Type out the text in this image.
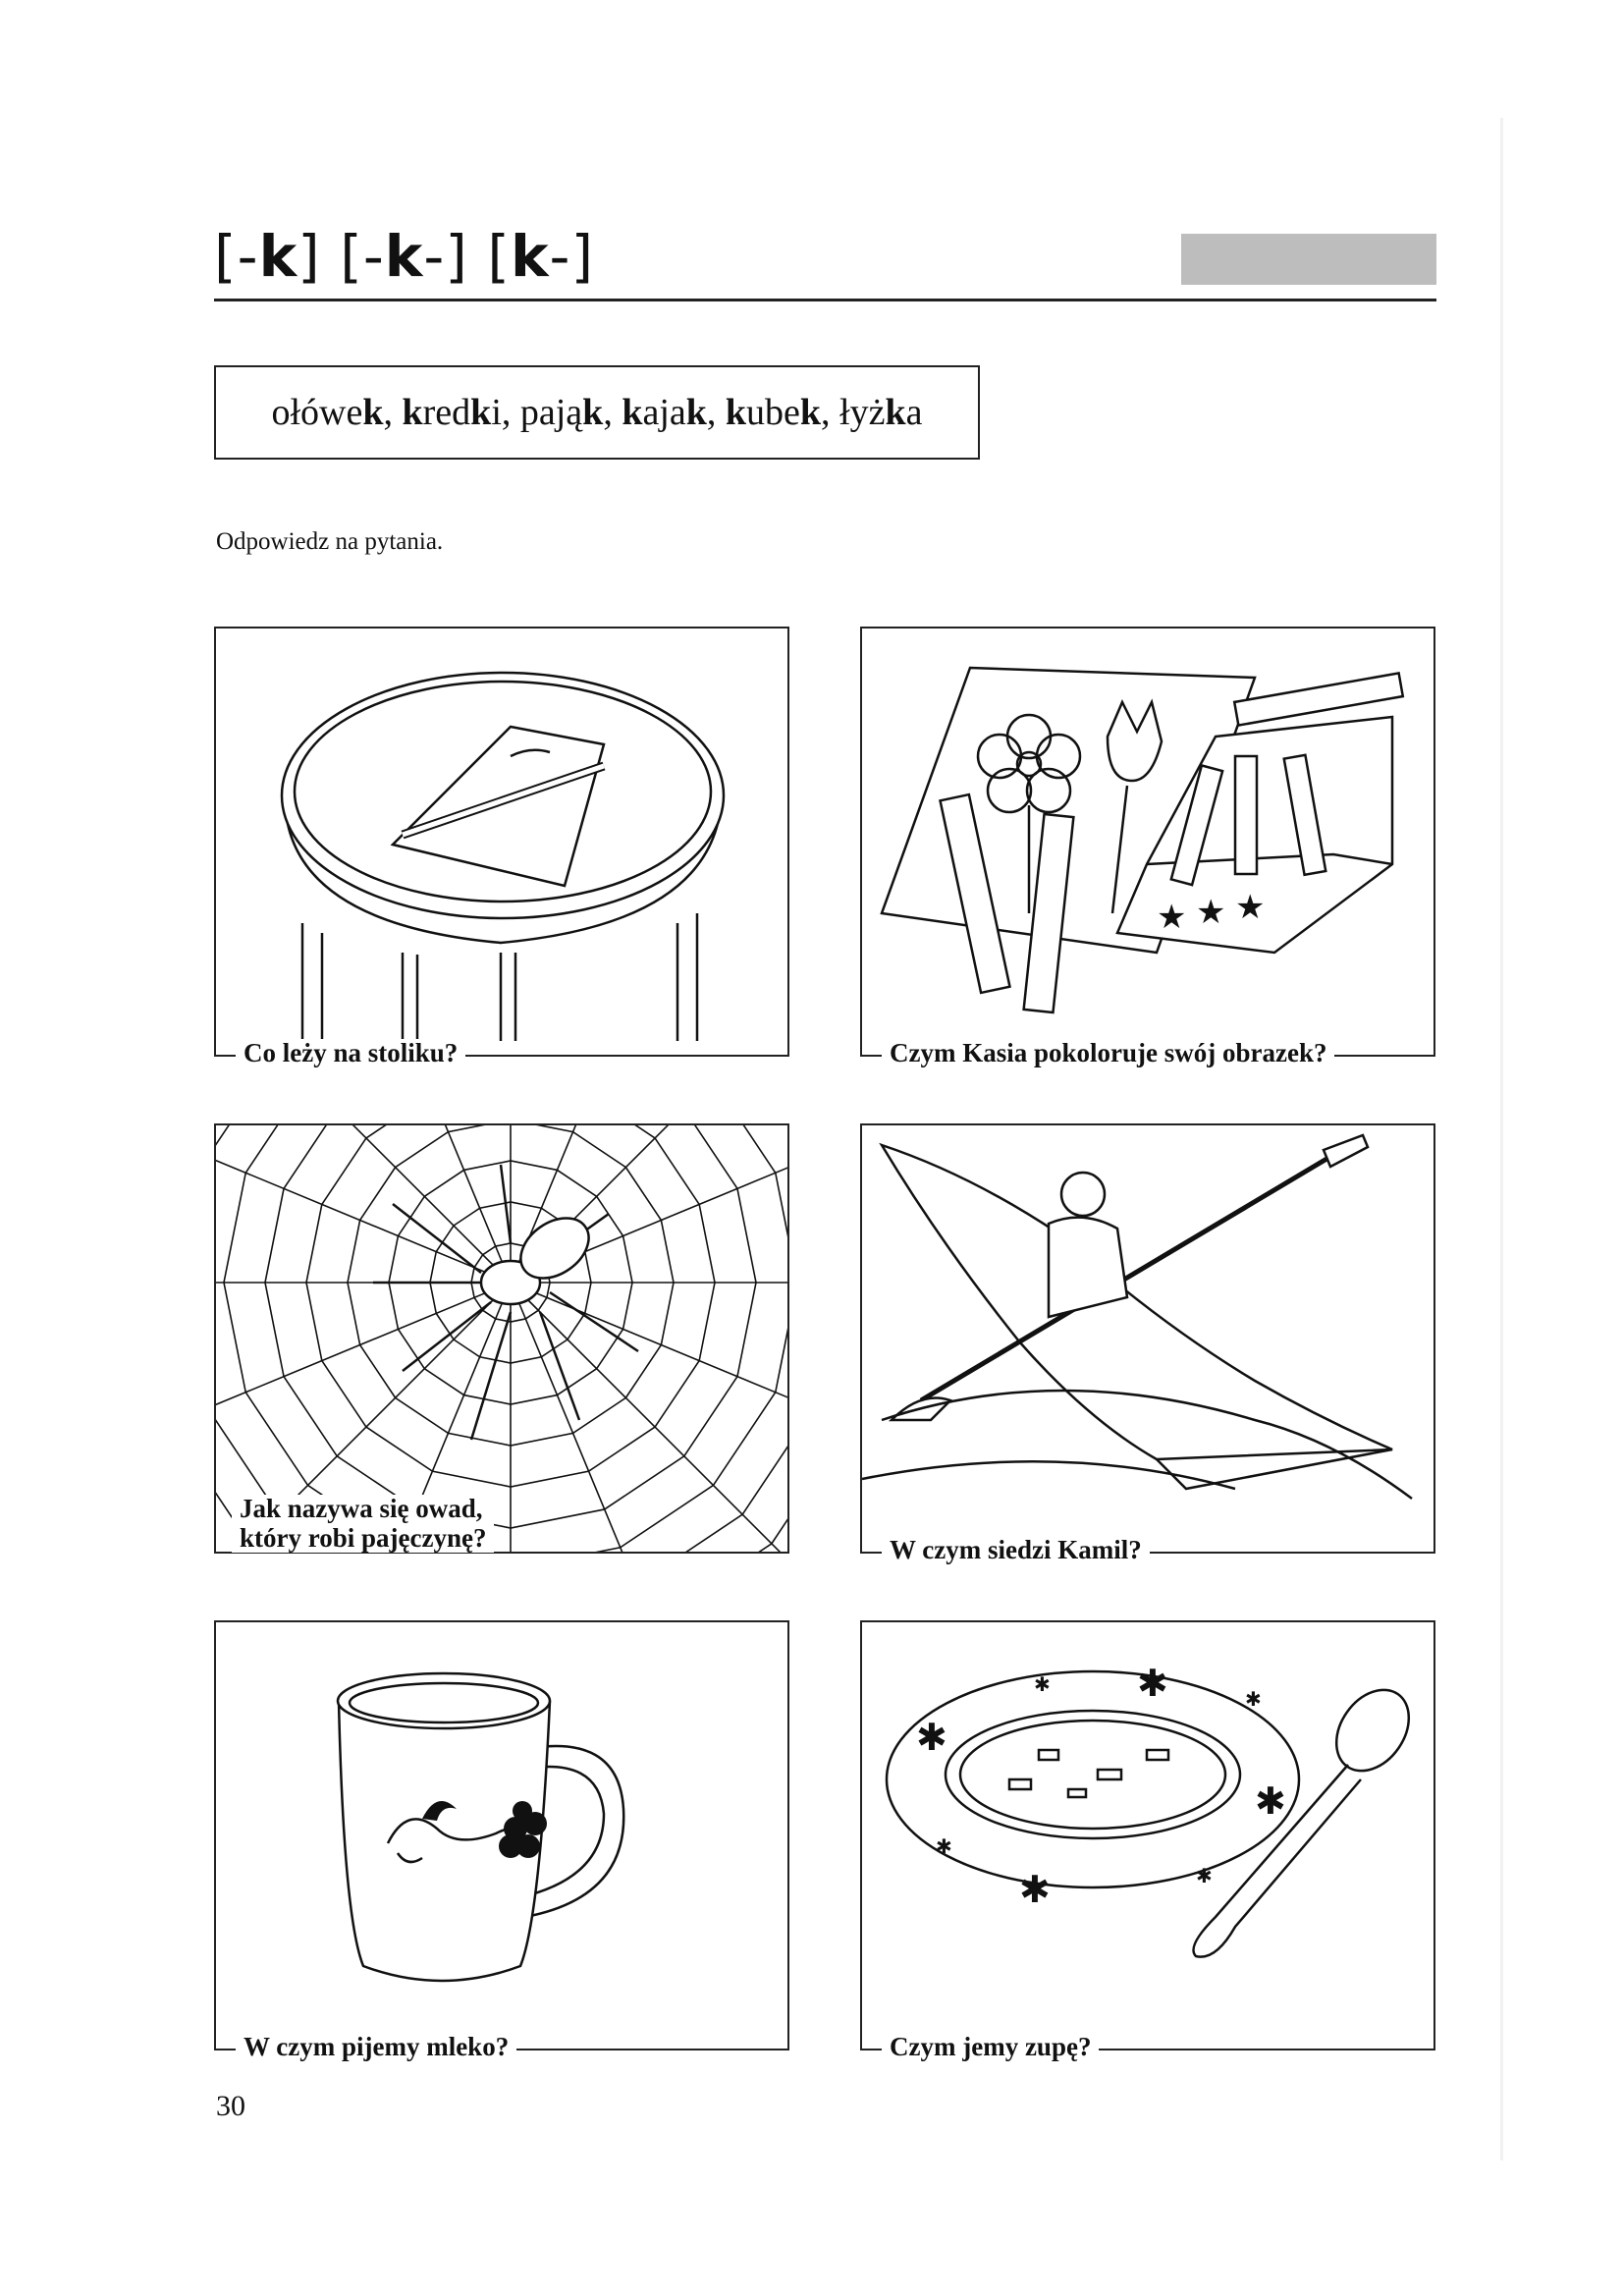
[-k] [-k-] [k-]
ołówek,
kredki,
pająk,
kajak,
kubek,
łyżka
Odpowiedz na pytania.
Co leży na stoliku?
★ ★ ★
Czym Kasia pokoloruje swój obrazek?
Jak nazywa się owad,
który robi pajęczynę?	W czym siedzi Kamil?
W czym pijemy mleko?
✱
✱
✱
✱
✱
✱
✱
✱
Czym jemy zupę?
30
